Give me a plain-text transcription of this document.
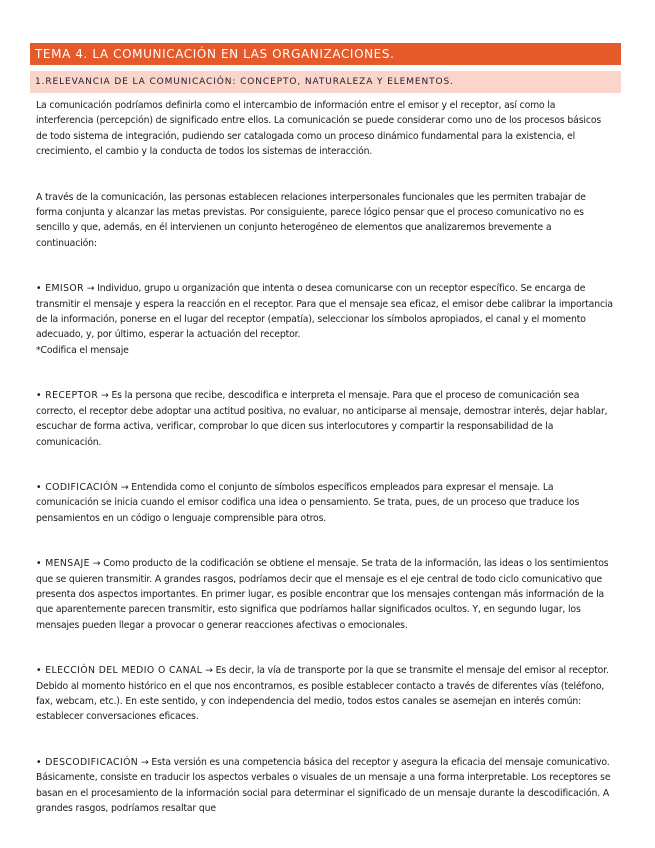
TEMA 4. LA COMUNICACIÓN EN LAS ORGANIZACIONES.
1.RELEVANCIA DE LA COMUNICACIÓN: CONCEPTO, NATURALEZA Y ELEMENTOS.

La comunicación podríamos definirla como el intercambio de información entre el emisor y el receptor, así como la interferencia (percepción) de significado entre ellos. La comunicación se puede considerar como uno de los procesos básicos de todo sistema de integración, pudiendo ser catalogada como un proceso dinámico fundamental para la existencia, el crecimiento, el cambio y la conducta de todos los sistemas de interacción.

A través de la comunicación, las personas establecen relaciones interpersonales funcionales que les permiten trabajar de forma conjunta y alcanzar las metas previstas. Por consiguiente, parece lógico pensar que el proceso comunicativo no es sencillo y que, además, en él intervienen un conjunto heterogéneo de elementos que analizaremos brevemente a continuación:

• EMISOR → Individuo, grupo u organización que intenta o desea comunicarse con un receptor específico. Se encarga de transmitir el mensaje y espera la reacción en el receptor. Para que el mensaje sea eficaz, el emisor debe calibrar la importancia de la información, ponerse en el lugar del receptor (empatía), seleccionar los símbolos apropiados, el canal y el momento adecuado, y, por último, esperar la actuación del receptor.
*Codifica el mensaje

• RECEPTOR → Es la persona que recibe, descodifica e interpreta el mensaje. Para que el proceso de comunicación sea correcto, el receptor debe adoptar una actitud positiva, no evaluar, no anticiparse al mensaje, demostrar interés, dejar hablar, escuchar de forma activa, verificar, comprobar lo que dicen sus interlocutores y compartir la responsabilidad de la comunicación.

• CODIFICACIÓN → Entendida como el conjunto de símbolos específicos empleados para expresar el mensaje. La comunicación se inicia cuando el emisor codifica una idea o pensamiento. Se trata, pues, de un proceso que traduce los pensamientos en un código o lenguaje comprensible para otros.

• MENSAJE → Como producto de la codificación se obtiene el mensaje. Se trata de la información, las ideas o los sentimientos que se quieren transmitir. A grandes rasgos, podríamos decir que el mensaje es el eje central de todo ciclo comunicativo que presenta dos aspectos importantes. En primer lugar, es posible encontrar que los mensajes contengan más información de la que aparentemente parecen transmitir, esto significa que podríamos hallar significados ocultos. Y, en segundo lugar, los mensajes pueden llegar a provocar o generar reacciones afectivas o emocionales.

• ELECCIÓN DEL MEDIO O CANAL → Es decir, la vía de transporte por la que se transmite el mensaje del emisor al receptor. Debido al momento histórico en el que nos encontramos, es posible establecer contacto a través de diferentes vías (teléfono, fax, webcam, etc.). En este sentido, y con independencia del medio, todos estos canales se asemejan en interés común: establecer conversaciones eficaces.

• DESCODIFICACIÓN → Esta versión es una competencia básica del receptor y asegura la eficacia del mensaje comunicativo. Básicamente, consiste en traducir los aspectos verbales o visuales de un mensaje a una forma interpretable. Los receptores se basan en el procesamiento de la información social para determinar el significado de un mensaje durante la descodificación. A grandes rasgos, podríamos resaltar que
